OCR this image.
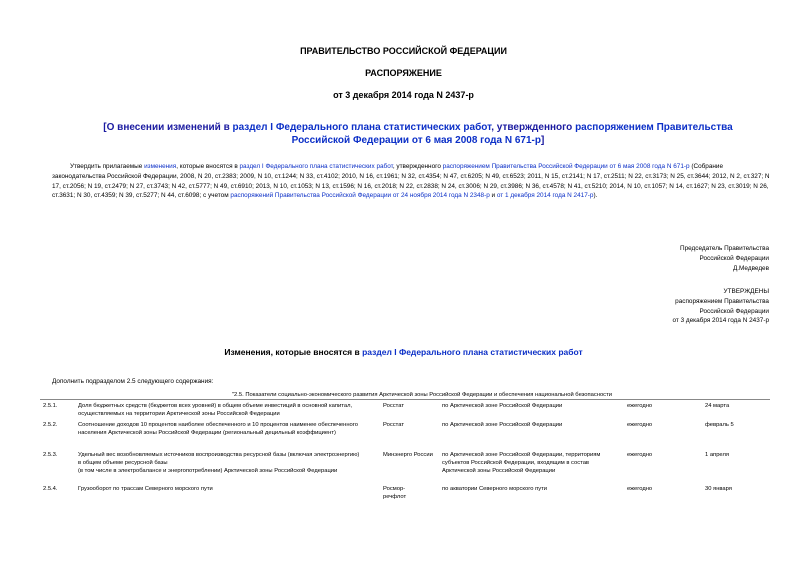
ПРАВИТЕЛЬСТВО РОССИЙСКОЙ ФЕДЕРАЦИИ
РАСПОРЯЖЕНИЕ
от 3 декабря 2014 года N 2437-р
[О внесении изменений в раздел I Федерального плана статистических работ, утвержденного распоряжением Правительства Российской Федерации от 6 мая 2008 года N 671-р]
Утвердить прилагаемые изменения, которые вносятся в раздел I Федерального плана статистических работ, утвержденного распоряжением Правительства Российской Федерации от 6 мая 2008 года N 671-р (Собрание законодательства Российской Федерации, 2008, N 20, ст.2383; 2009, N 10, ст.1244; N 33, ст.4102; 2010, N 16, ст.1961; N 32, ст.4354; N 47, ст.6205; N 49, ст.6523; 2011, N 15, ст.2141; N 17, ст.2511; N 22, ст.3173; N 25, ст.3644; 2012, N 2, ст.327; N 17, ст.2056; N 19, ст.2479; N 27, ст.3743; N 42, ст.5777; N 49, ст.6910; 2013, N 10, ст.1053; N 13, ст.1596; N 16, ст.2018; N 22, ст.2838; N 24, ст.3006; N 29, ст.3986; N 36, ст.4578; N 41, ст.5210; 2014, N 10, ст.1057; N 14, ст.1627; N 23, ст.3019; N 26, ст.3631; N 30, ст.4359; N 39, ст.5277; N 44, ст.6098; с учетом распоряжений Правительства Российской Федерации от 24 ноября 2014 года N 2348-р и от 1 декабря 2014 года N 2417-р).
Председатель Правительства
Российской Федерации
Д.Медведев
УТВЕРЖДЕНЫ
распоряжением Правительства
Российской Федерации
от 3 декабря 2014 года N 2437-р
Изменения, которые вносятся в раздел I Федерального плана статистических работ
Дополнить подразделом 2.5 следующего содержания:
"2.5. Показатели социально-экономического развития Арктической зоны Российской Федерации и обеспечения национальной безопасности
2.5.1.	Доля бюджетных средств (бюджетов всех уровней) в общем объеме инвестиций в основной капитал, осуществляемых на территории Арктической зоны Российской Федерации	Росстат	по Арктической зоне Российской Федерации	ежегодно	24 марта
2.5.2.	Соотношение доходов 10 процентов наиболее обеспеченного и 10 процентов наименее обеспеченного населения Арктической зоны Российской Федерации (региональный децильный коэффициент)	Росстат	по Арктической зоне Российской Федерации	ежегодно	февраль 5
2.5.3.	Удельный вес возобновляемых источников воспроизводства ресурсной базы (включая электроэнергию) в общем объеме ресурсной базы
(в том числе в электробалансе и энергопотреблении) Арктической зоны Российской Федерации	Минэнерго России	по Арктической зоне Российской Федерации, территориям субъектов Российской Федерации, входящим в состав Арктической зоны Российской Федерации	ежегодно	1 апреля
2.5.4.	Грузооборот по трассам Северного морского пути	Росмор-речфлот	по акватории Северного морского пути	ежегодно	30 января
